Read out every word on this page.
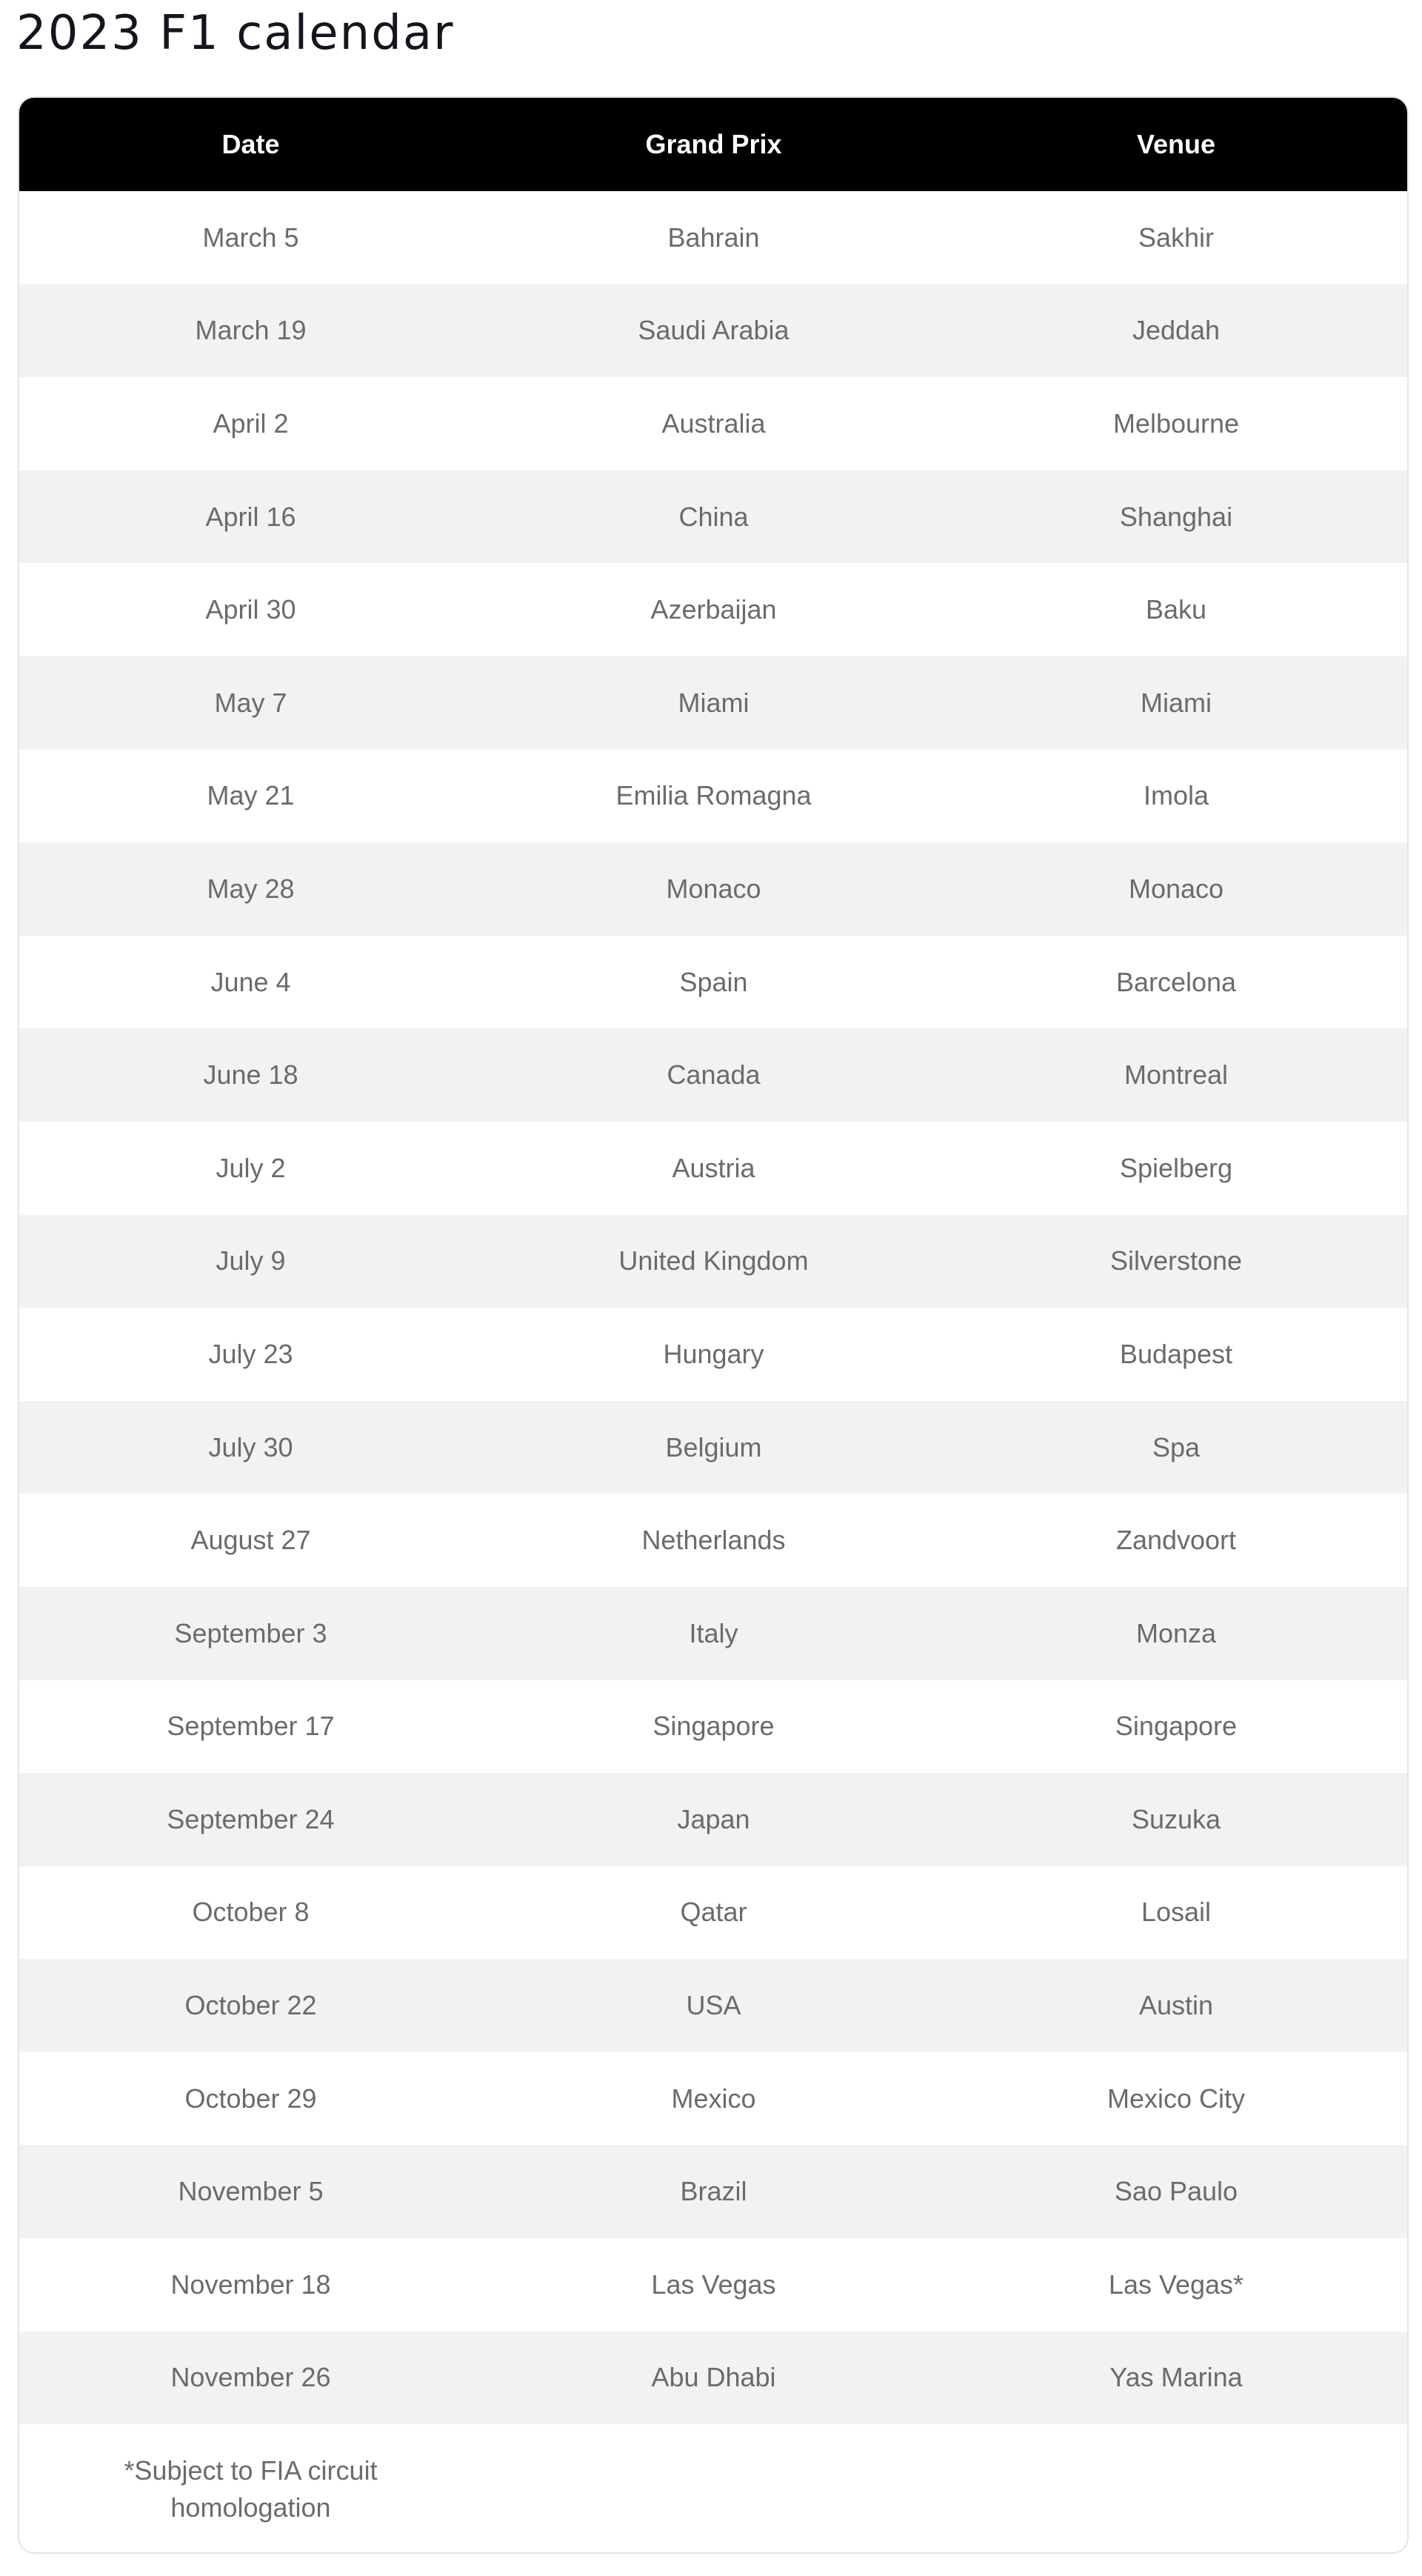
2023 F1 calendar
Date	Grand Prix	Venue
March 5	Bahrain	Sakhir
March 19	Saudi Arabia	Jeddah
April 2	Australia	Melbourne
April 16	China	Shanghai
April 30	Azerbaijan	Baku
May 7	Miami	Miami
May 21	Emilia Romagna	Imola
May 28	Monaco	Monaco
June 4	Spain	Barcelona
June 18	Canada	Montreal
July 2	Austria	Spielberg
July 9	United Kingdom	Silverstone
July 23	Hungary	Budapest
July 30	Belgium	Spa
August 27	Netherlands	Zandvoort
September 3	Italy	Monza
September 17	Singapore	Singapore
September 24	Japan	Suzuka
October 8	Qatar	Losail
October 22	USA	Austin
October 29	Mexico	Mexico City
November 5	Brazil	Sao Paulo
November 18	Las Vegas	Las Vegas*
November 26	Abu Dhabi	Yas Marina

*Subject to FIA circuit homologation		
